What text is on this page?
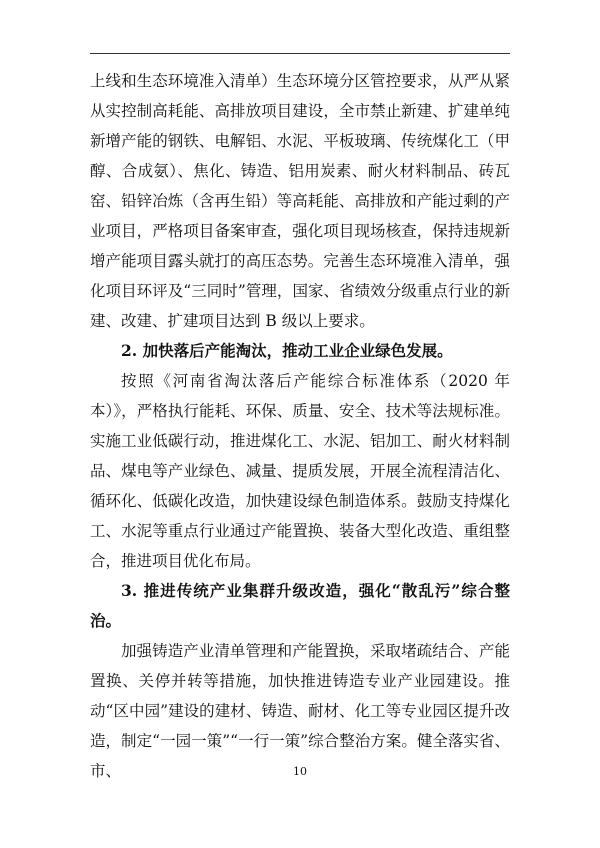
上线和生态环境准入清单）生态环境分区管控要求，从严从紧从实控制高耗能、高排放项目建设，全市禁止新建、扩建单纯新增产能的钢铁、电解铝、水泥、平板玻璃、传统煤化工（甲醇、合成氨）、焦化、铸造、铝用炭素、耐火材料制品、砖瓦窑、铅锌冶炼（含再生铅）等高耗能、高排放和产能过剩的产业项目，严格项目备案审查，强化项目现场核查，保持违规新增产能项目露头就打的高压态势。完善生态环境准入清单，强化项目环评及“三同时”管理，国家、省绩效分级重点行业的新建、改建、扩建项目达到 B 级以上要求。

2. 加快落后产能淘汰，推动工业企业绿色发展。

按照《河南省淘汰落后产能综合标准体系（2020 年本）》，严格执行能耗、环保、质量、安全、技术等法规标准。实施工业低碳行动，推进煤化工、水泥、铝加工、耐火材料制品、煤电等产业绿色、减量、提质发展，开展全流程清洁化、循环化、低碳化改造，加快建设绿色制造体系。鼓励支持煤化工、水泥等重点行业通过产能置换、装备大型化改造、重组整合，推进项目优化布局。

3. 推进传统产业集群升级改造，强化“散乱污”综合整治。

加强铸造产业清单管理和产能置换，采取堵疏结合、产能置换、关停并转等措施，加快推进铸造专业产业园建设。推动“区中园”建设的建材、铸造、耐材、化工等专业园区提升改造，制定“一园一策”“一行一策”综合整治方案。健全落实省、市、	10
